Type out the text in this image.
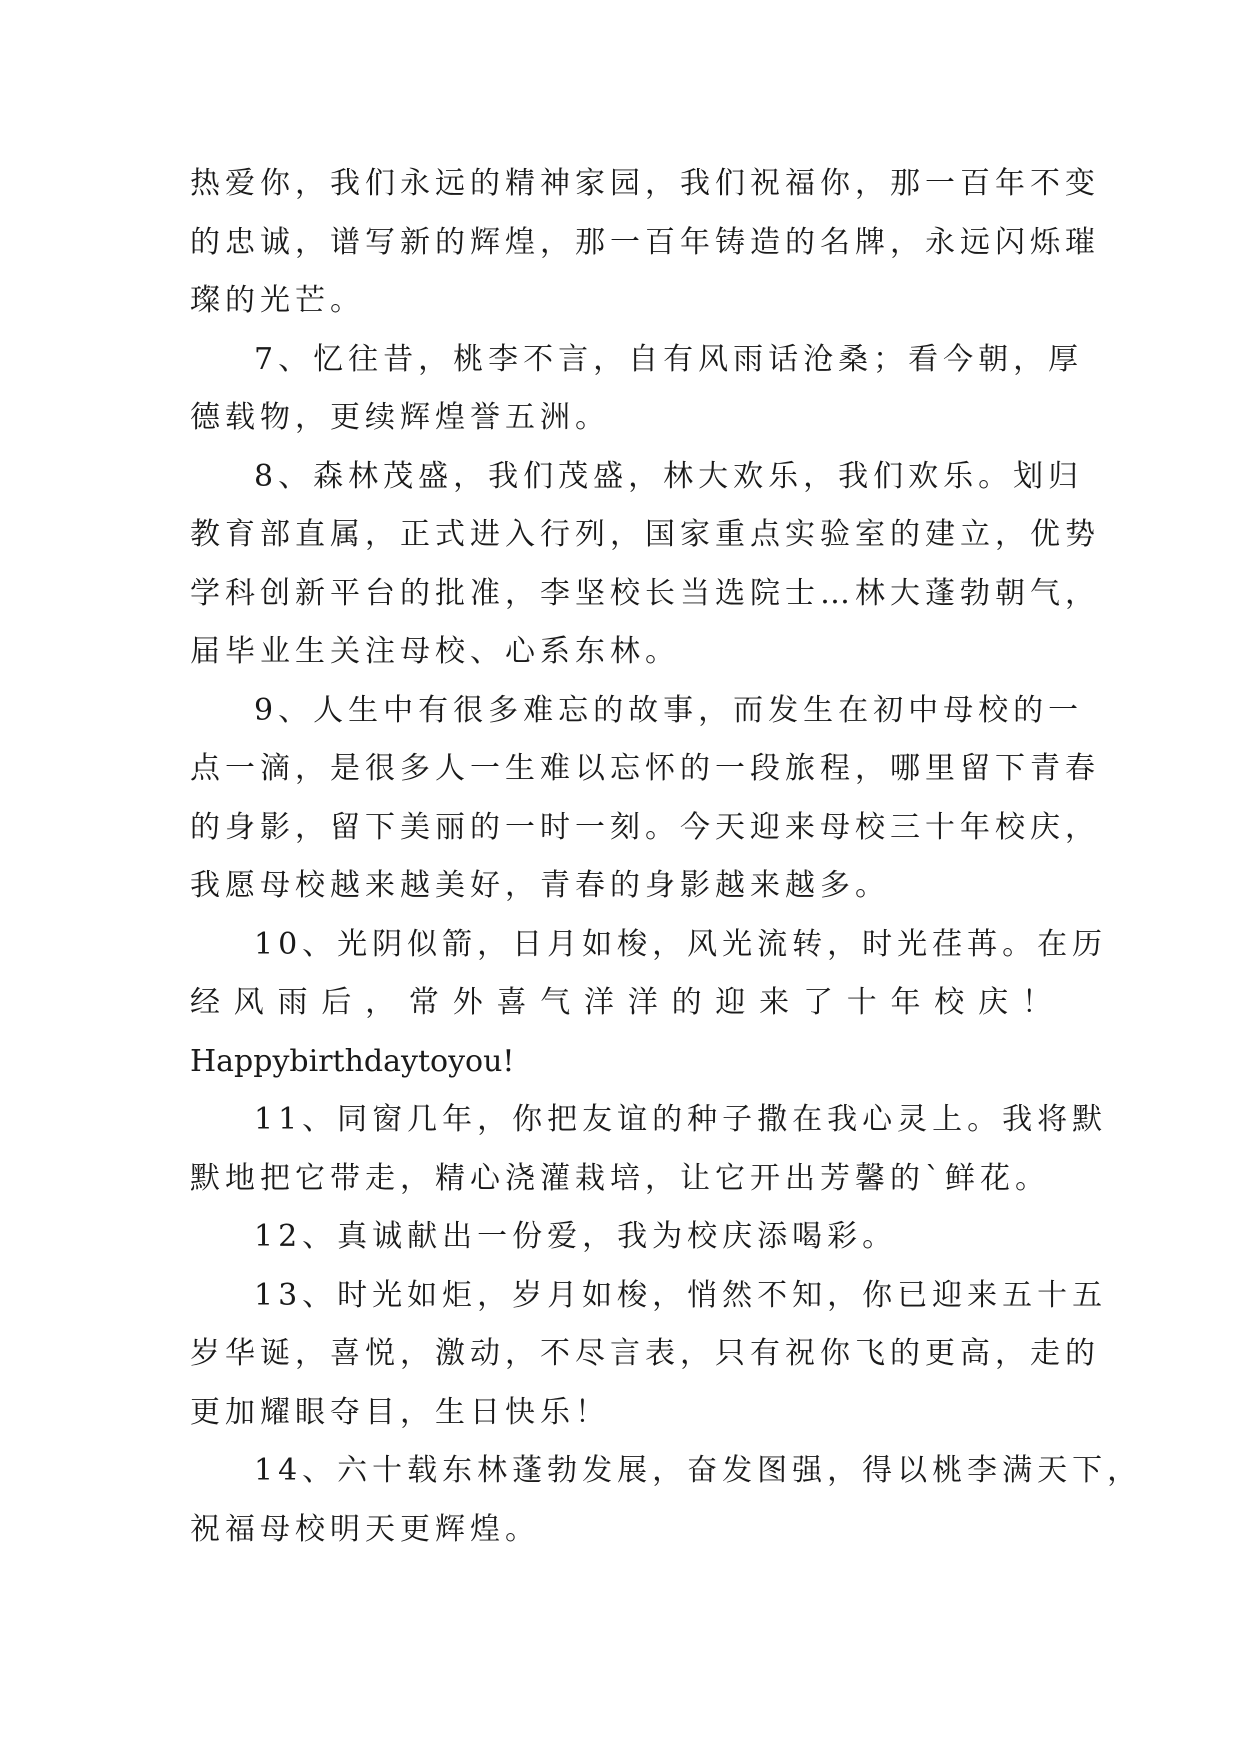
热爱你，我们永远的精神家园，我们祝福你，那一百年不变
的忠诚，谱写新的辉煌，那一百年铸造的名牌，永远闪烁璀
璨的光芒。
7、忆往昔，桃李不言，自有风雨话沧桑；看今朝，厚
德载物，更续辉煌誉五洲。
8、森林茂盛，我们茂盛，林大欢乐，我们欢乐。划归
教育部直属，正式进入行列，国家重点实验室的建立，优势
学科创新平台的批准，李坚校长当选院士…林大蓬勃朝气，
届毕业生关注母校、心系东林。
9、人生中有很多难忘的故事，而发生在初中母校的一
点一滴，是很多人一生难以忘怀的一段旅程，哪里留下青春
的身影，留下美丽的一时一刻。今天迎来母校三十年校庆，
我愿母校越来越美好，青春的身影越来越多。
10、光阴似箭，日月如梭，风光流转，时光荏苒。在历
经 风 雨 后 ， 常 外 喜 气 洋 洋 的 迎 来 了 十 年 校 庆 ！
Happybirthdaytoyou!
11、同窗几年，你把友谊的种子撒在我心灵上。我将默
默地把它带走，精心浇灌栽培，让它开出芳馨的`鲜花。
12、真诚献出一份爱，我为校庆添喝彩。
13、时光如炬，岁月如梭，悄然不知，你已迎来五十五
岁华诞，喜悦，激动，不尽言表，只有祝你飞的更高，走的
更加耀眼夺目，生日快乐！
14、六十载东林蓬勃发展，奋发图强，得以桃李满天下，
祝福母校明天更辉煌。
